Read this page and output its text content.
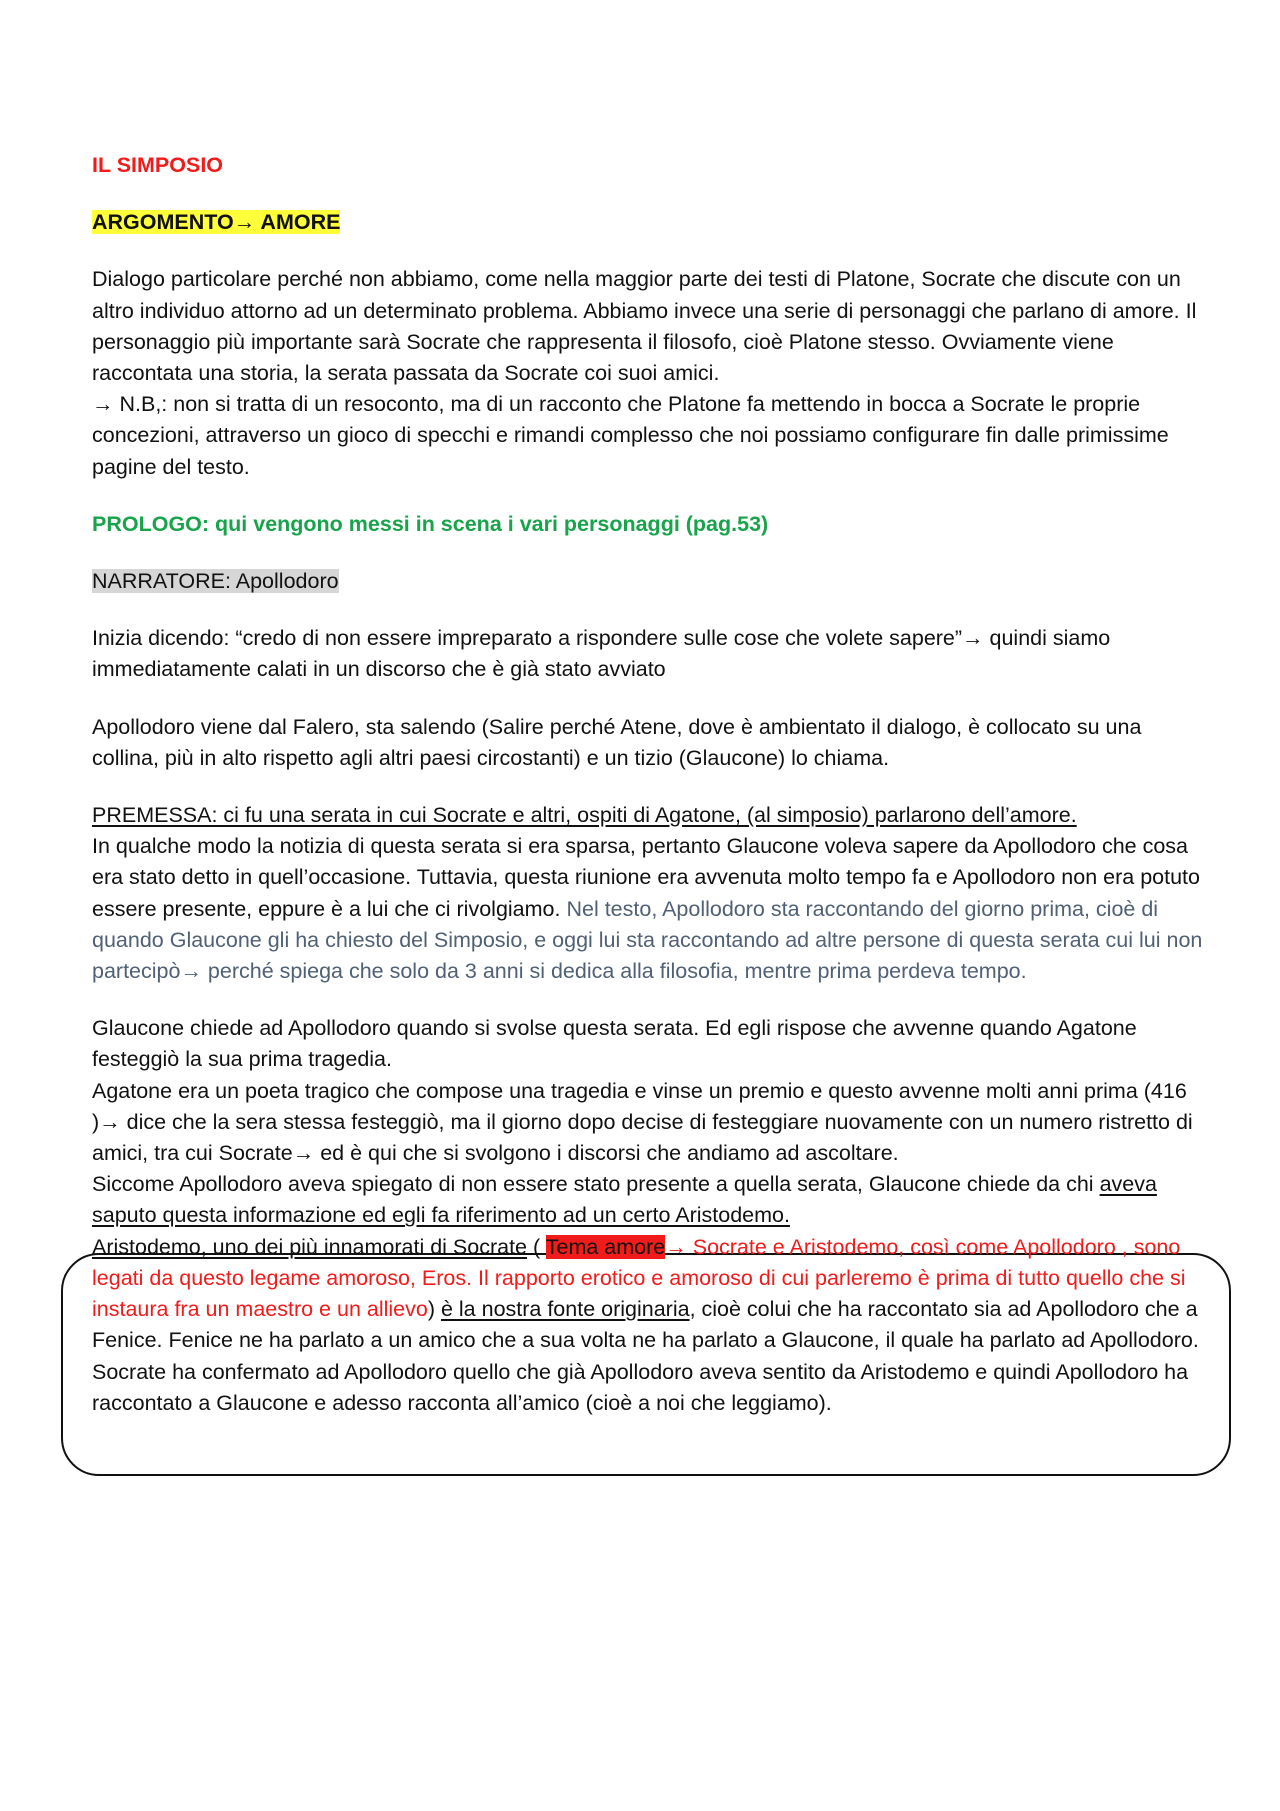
IL SIMPOSIO

ARGOMENTO→ AMORE

Dialogo particolare perché non abbiamo, come nella maggior parte dei testi di Platone, Socrate che discute con un altro individuo attorno ad un determinato problema. Abbiamo invece una serie di personaggi che parlano di amore. Il personaggio più importante sarà Socrate che rappresenta il filosofo, cioè Platone stesso. Ovviamente viene raccontata una storia, la serata passata da Socrate coi suoi amici.

→ N.B,: non si tratta di un resoconto, ma di un racconto che Platone fa mettendo in bocca a Socrate le proprie concezioni, attraverso un gioco di specchi e rimandi complesso che noi possiamo configurare fin dalle primissime pagine del testo.

PROLOGO: qui vengono messi in scena i vari personaggi (pag.53)

NARRATORE: Apollodoro

Inizia dicendo: “credo di non essere impreparato a rispondere sulle cose che volete sapere”→ quindi siamo immediatamente calati in un discorso che è già stato avviato

Apollodoro viene dal Falero, sta salendo (Salire perché Atene, dove è ambientato il dialogo, è collocato su una collina, più in alto rispetto agli altri paesi circostanti) e un tizio (Glaucone) lo chiama.

PREMESSA: ci fu una serata in cui Socrate e altri, ospiti di Agatone, (al simposio) parlarono dell’amore.

In qualche modo la notizia di questa serata si era sparsa, pertanto Glaucone voleva sapere da Apollodoro che cosa era stato detto in quell’occasione. Tuttavia, questa riunione era avvenuta molto tempo fa e Apollodoro non era potuto essere presente, eppure è a lui che ci rivolgiamo. Nel testo, Apollodoro sta raccontando del giorno prima, cioè di quando Glaucone gli ha chiesto del Simposio, e oggi lui sta raccontando ad altre persone di questa serata cui lui non partecipò→ perché spiega che solo da 3 anni si dedica alla filosofia, mentre prima perdeva tempo.

Glaucone chiede ad Apollodoro quando si svolse questa serata. Ed egli rispose che avvenne quando Agatone festeggiò la sua prima tragedia.

Agatone era un poeta tragico che compose una tragedia e vinse un premio e questo avvenne molti anni prima (416 )→ dice che la sera stessa festeggiò, ma il giorno dopo decise di festeggiare nuovamente con un numero ristretto di amici, tra cui Socrate→ ed è qui che si svolgono i discorsi che andiamo ad ascoltare.

Siccome Apollodoro aveva spiegato di non essere stato presente a quella serata, Glaucone chiede da chi aveva saputo questa informazione ed egli fa riferimento ad un certo Aristodemo.

Aristodemo, uno dei più innamorati di Socrate ( Tema amore→ Socrate e Aristodemo, così come Apollodoro , sono legati da questo legame amoroso, Eros. Il rapporto erotico e amoroso di cui parleremo è prima di tutto quello che si instaura fra un maestro e un allievo) è la nostra fonte originaria, cioè colui che ha raccontato sia ad Apollodoro che a Fenice. Fenice ne ha parlato a un amico che a sua volta ne ha parlato a Glaucone, il quale ha parlato ad Apollodoro. Socrate ha confermato ad Apollodoro quello che già Apollodoro aveva sentito da Aristodemo e quindi Apollodoro ha raccontato a Glaucone e adesso racconta all’amico (cioè a noi che leggiamo).
